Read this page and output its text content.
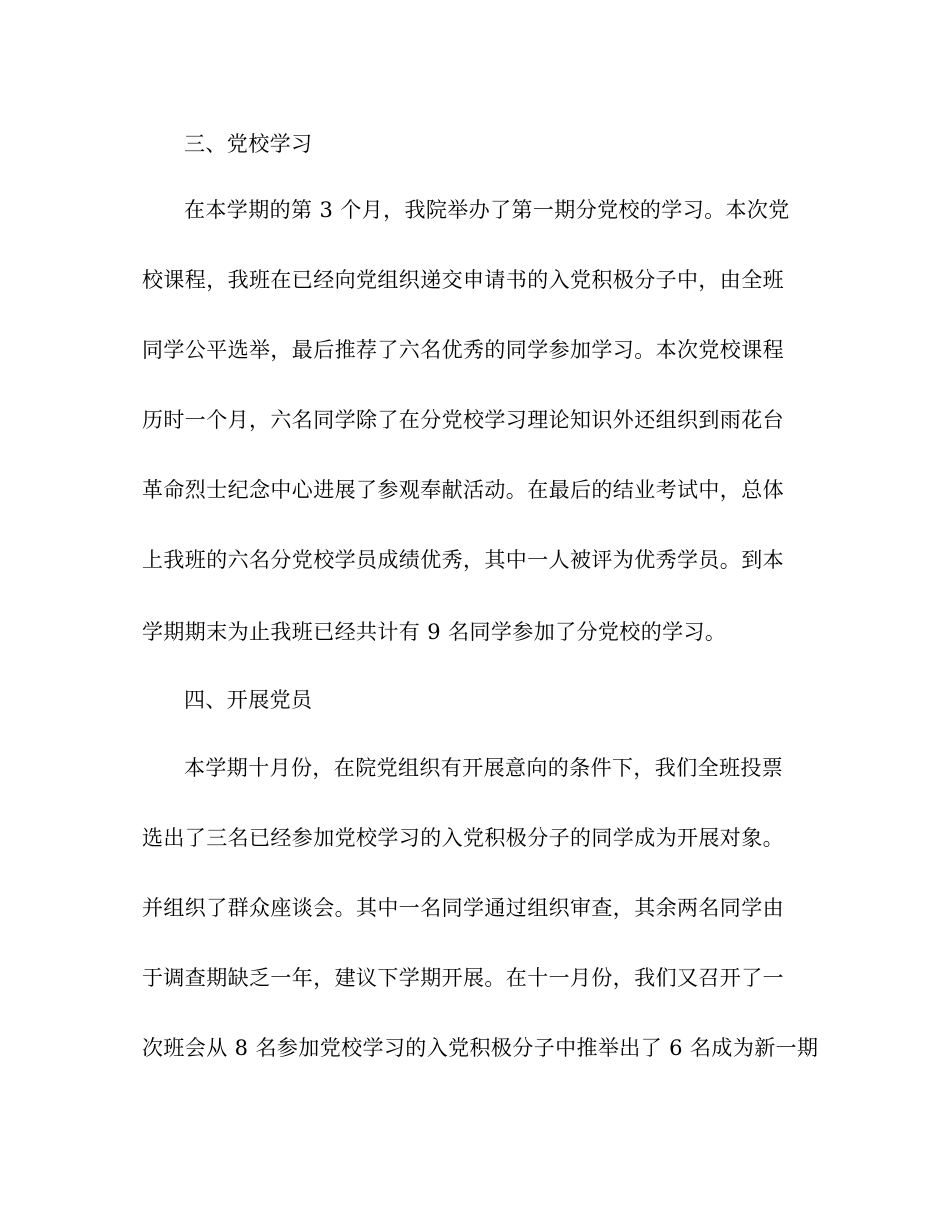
三、党校学习
在本学期的第 3 个月，我院举办了第一期分党校的学习。本次党
校课程，我班在已经向党组织递交申请书的入党积极分子中，由全班
同学公平选举，最后推荐了六名优秀的同学参加学习。本次党校课程
历时一个月，六名同学除了在分党校学习理论知识外还组织到雨花台
革命烈士纪念中心进展了参观奉献活动。在最后的结业考试中，总体
上我班的六名分党校学员成绩优秀，其中一人被评为优秀学员。到本
学期期末为止我班已经共计有 9 名同学参加了分党校的学习。
四、开展党员
本学期十月份，在院党组织有开展意向的条件下，我们全班投票
选出了三名已经参加党校学习的入党积极分子的同学成为开展对象。
并组织了群众座谈会。其中一名同学通过组织审查，其余两名同学由
于调查期缺乏一年，建议下学期开展。在十一月份，我们又召开了一
次班会从 8 名参加党校学习的入党积极分子中推举出了 6 名成为新一期
